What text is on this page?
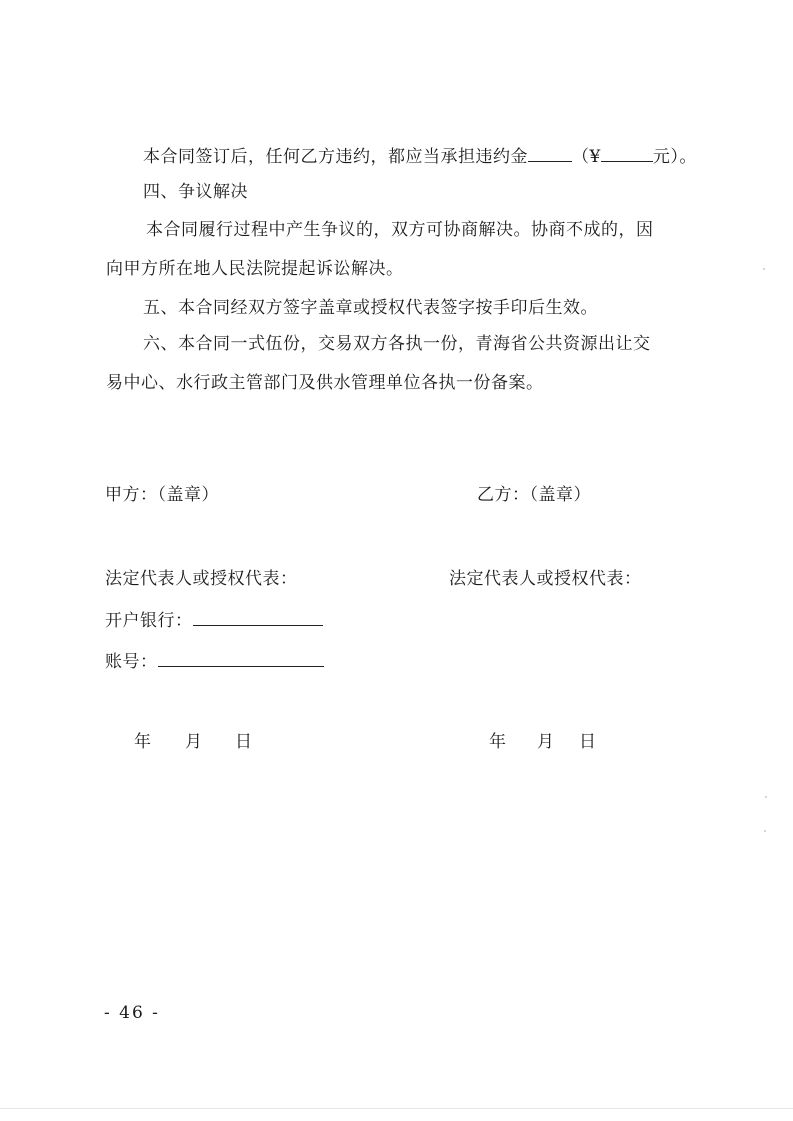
本合同签订后，任何乙方违约，都应当承担违约金	（¥	元）。
四、争议解决
本合同履行过程中产生争议的，双方可协商解决。协商不成的，因
向甲方所在地人民法院提起诉讼解决。
五、本合同经双方签字盖章或授权代表签字按手印后生效。
六、本合同一式伍份，交易双方各执一份，青海省公共资源出让交
易中心、水行政主管部门及供水管理单位各执一份备案。
甲方：（盖章）	乙方：（盖章）
法定代表人或授权代表：	法定代表人或授权代表：
开户银行：
账号：
年 月 日	年 月 日
- 46 -
